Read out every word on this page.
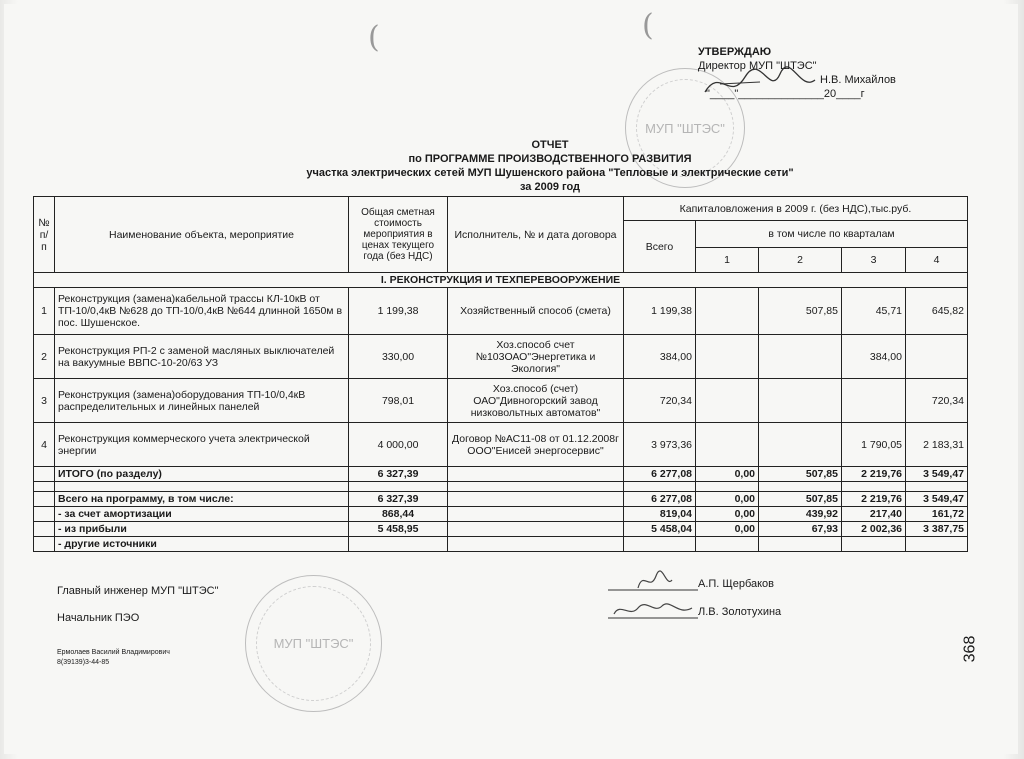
(	(
МУП "ШТЭС"
УТВЕРЖДАЮ
Директор МУП "ШТЭС"
Н.В. Михайлов
"____"______________20____г
ОТЧЕТ
по ПРОГРАММЕ ПРОИЗВОДСТВЕННОГО РАЗВИТИЯ
участка электрических сетей МУП Шушенского района "Тепловые и электрические сети"
за 2009 год
№ п/п	Наименование объекта, мероприятие	Общая сметная стоимость мероприятия в ценах текущего года (без НДС)	Исполнитель, № и дата договора	Капиталовложения в 2009 г. (без НДС),тыс.руб.				
				Всего	в том числе по кварталам			
					1	2	3	4
I. РЕКОНСТРУКЦИЯ И ТЕХПЕРЕВООРУЖЕНИЕ								
1	Реконструкция (замена)кабельной трассы КЛ-10кВ от ТП-10/0,4кВ №628 до ТП-10/0,4кВ №644 длинной 1650м в пос. Шушенское.	1 199,38	Хозяйственный способ (смета)	1 199,38		507,85	45,71	645,82
2	Реконструкция РП-2 с заменой масляных выключателей на вакуумные ВВПС-10-20/63 УЗ	330,00	Хоз.способ счет №103ОАО"Энергетика и Экология"	384,00			384,00	
3	Реконструкция (замена)оборудования ТП-10/0,4кВ распределительных и линейных панелей	798,01	Хоз.способ (счет) ОАО"Дивногорский завод низковольтных автоматов"	720,34				720,34
4	Реконструкция коммерческого учета электрической энергии	4 000,00	Договор №АС11-08 от 01.12.2008г ООО"Енисей энергосервис"	3 973,36			1 790,05	2 183,31
	ИТОГО (по разделу)	6 327,39		6 277,08	0,00	507,85	2 219,76	3 549,47

	Всего на программу, в том числе:	6 327,39		6 277,08	0,00	507,85	2 219,76	3 549,47
	- за счет амортизации	868,44		819,04	0,00	439,92	217,40	161,72
	- из прибыли	5 458,95		5 458,04	0,00	67,93	2 002,36	3 387,75
	- другие источники							
МУП "ШТЭС"
Главный инженер МУП "ШТЭС"
Начальник ПЭО
А.П. Щербаков
Л.В. Золотухина
Ермолаев Василий Владимирович
8(39139)3-44-85
368
